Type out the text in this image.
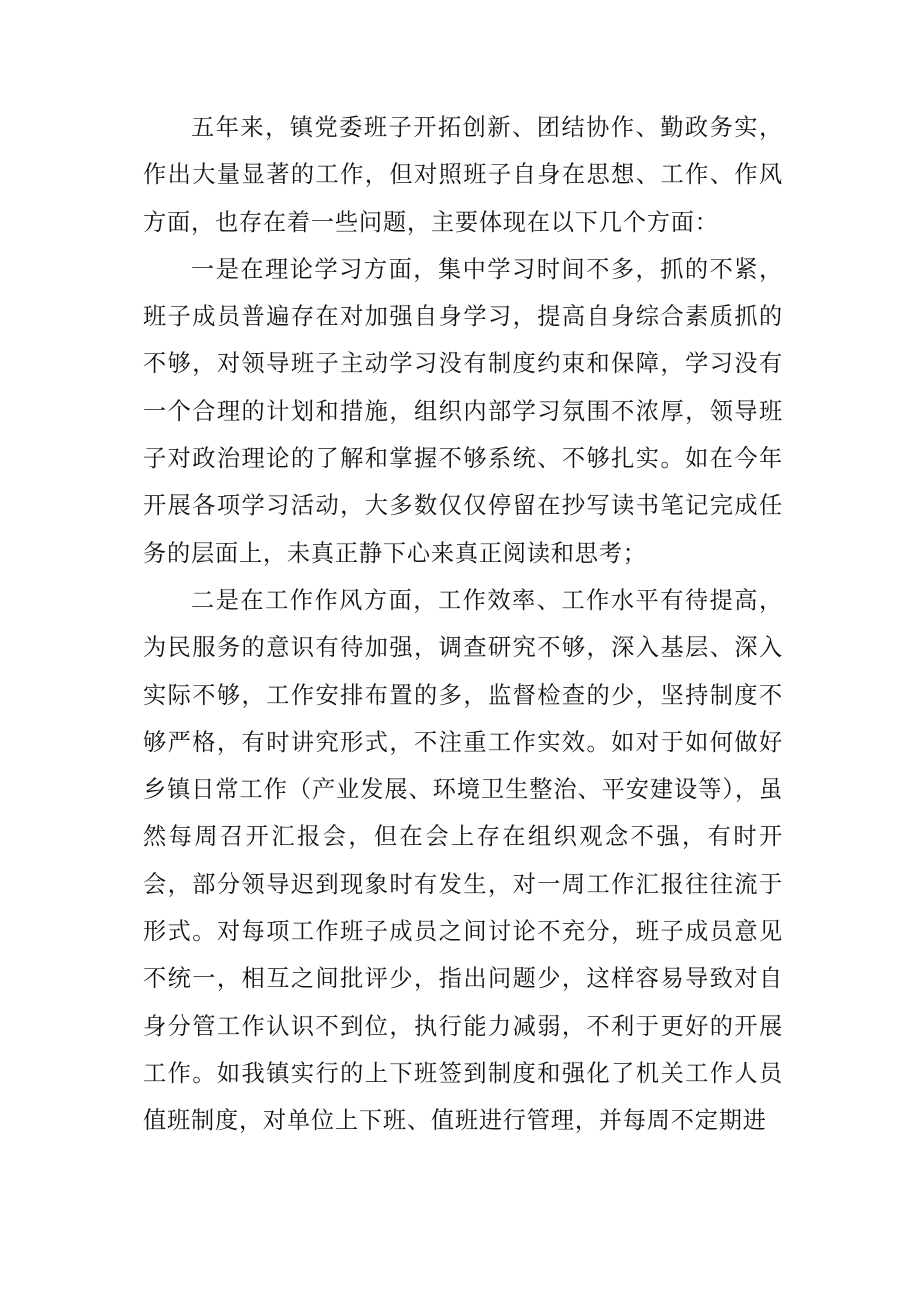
五年来，镇党委班子开拓创新、团结协作、勤政务实，作出大量显著的工作，但对照班子自身在思想、工作、作风方面，也存在着一些问题，主要体现在以下几个方面：

一是在理论学习方面，集中学习时间不多，抓的不紧，班子成员普遍存在对加强自身学习，提高自身综合素质抓的不够，对领导班子主动学习没有制度约束和保障，学习没有一个合理的计划和措施，组织内部学习氛围不浓厚，领导班子对政治理论的了解和掌握不够系统、不够扎实。如在今年开展各项学习活动，大多数仅仅停留在抄写读书笔记完成任务的层面上，未真正静下心来真正阅读和思考；

二是在工作作风方面，工作效率、工作水平有待提高，为民服务的意识有待加强，调查研究不够，深入基层、深入实际不够，工作安排布置的多，监督检查的少，坚持制度不够严格，有时讲究形式，不注重工作实效。如对于如何做好乡镇日常工作（产业发展、环境卫生整治、平安建设等），虽然每周召开汇报会，但在会上存在组织观念不强，有时开会，部分领导迟到现象时有发生，对一周工作汇报往往流于形式。对每项工作班子成员之间讨论不充分，班子成员意见不统一，相互之间批评少，指出问题少，这样容易导致对自身分管工作认识不到位，执行能力减弱，不利于更好的开展工作。如我镇实行的上下班签到制度和强化了机关工作人员值班制度，对单位上下班、值班进行管理，并每周不定期进
